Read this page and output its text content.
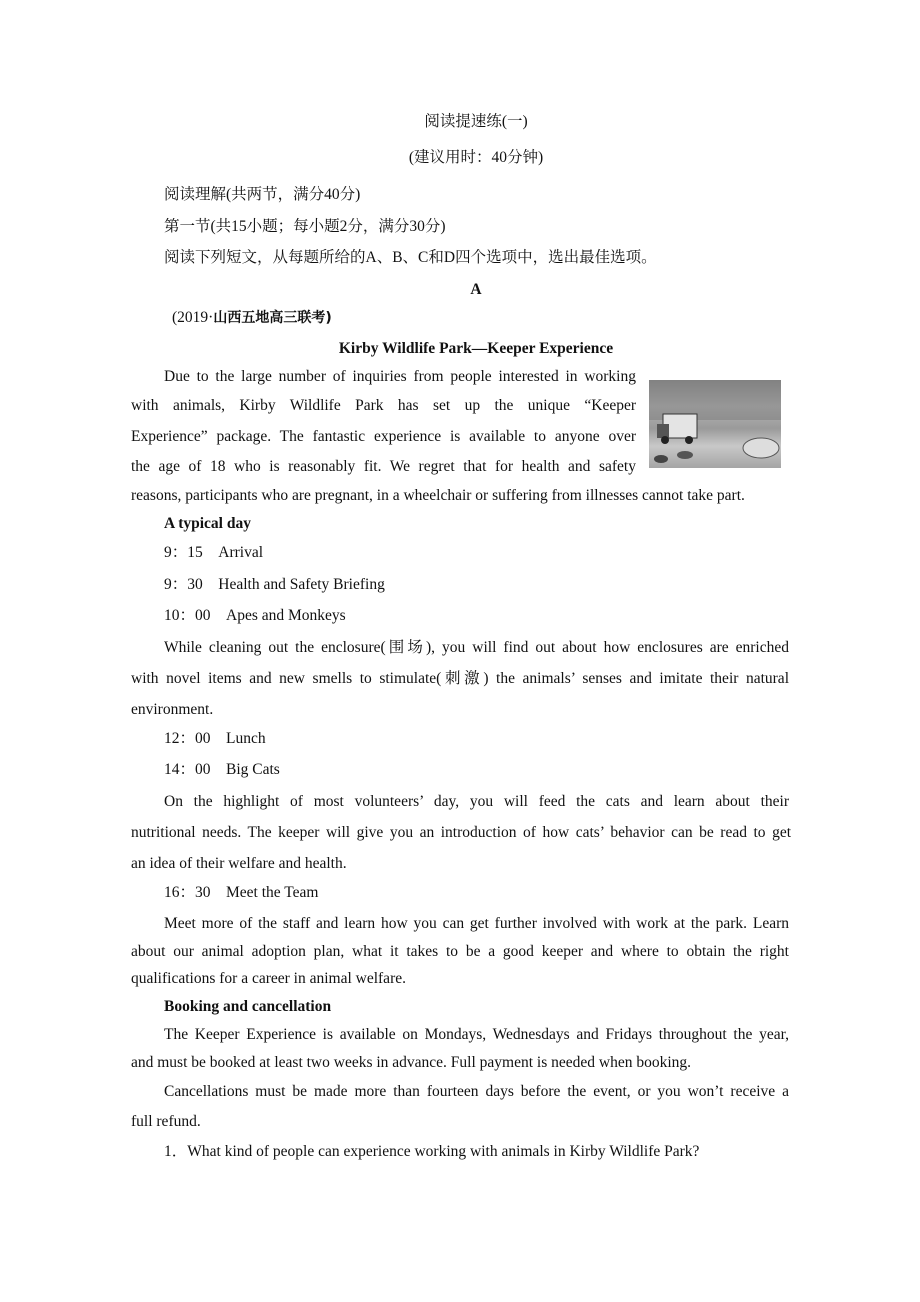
阅读提速练(一)
(建议用时：40分钟)
阅读理解(共两节，满分40分)
第一节(共15小题；每小题2分，满分30分)
阅读下列短文，从每题所给的A、B、C和D四个选项中，选出最佳选项。
A
(2019·山西五地高三联考)
Kirby Wildlife Park—Keeper Experience
Due to the large number of inquiries from people interested in working
with animals, Kirby Wildlife Park has set up the unique “Keeper
Experience” package. The fantastic experience is available to anyone over
the age of 18 who is reasonably fit. We regret that for health and safety
reasons, participants who are pregnant, in a wheelchair or suffering from illnesses cannot take part.
A typical day
9：15　Arrival
9：30　Health and Safety Briefing
10：00　Apes and Monkeys
While cleaning out the enclosure(围场), you will find out about how enclosures are enriched
with novel items and new smells to stimulate(刺激) the animals’ senses and imitate their natural
environment.
12：00　Lunch
14：00　Big Cats
On the highlight of most volunteers’ day, you will feed the cats and learn about their
nutritional needs. The keeper will give you an introduction of how cats’ behavior can be read to get
an idea of their welfare and health.
16：30　Meet the Team
Meet more of the staff and learn how you can get further involved with work at the park. Learn
about our animal adoption plan, what it takes to be a good keeper and where to obtain the right
qualifications for a career in animal welfare.
Booking and cancellation
The Keeper Experience is available on Mondays, Wednesdays and Fridays throughout the year,
and must be booked at least two weeks in advance. Full payment is needed when booking.
Cancellations must be made more than fourteen days before the event, or you won’t receive a
full refund.
1．What kind of people can experience working with animals in Kirby Wildlife Park?
